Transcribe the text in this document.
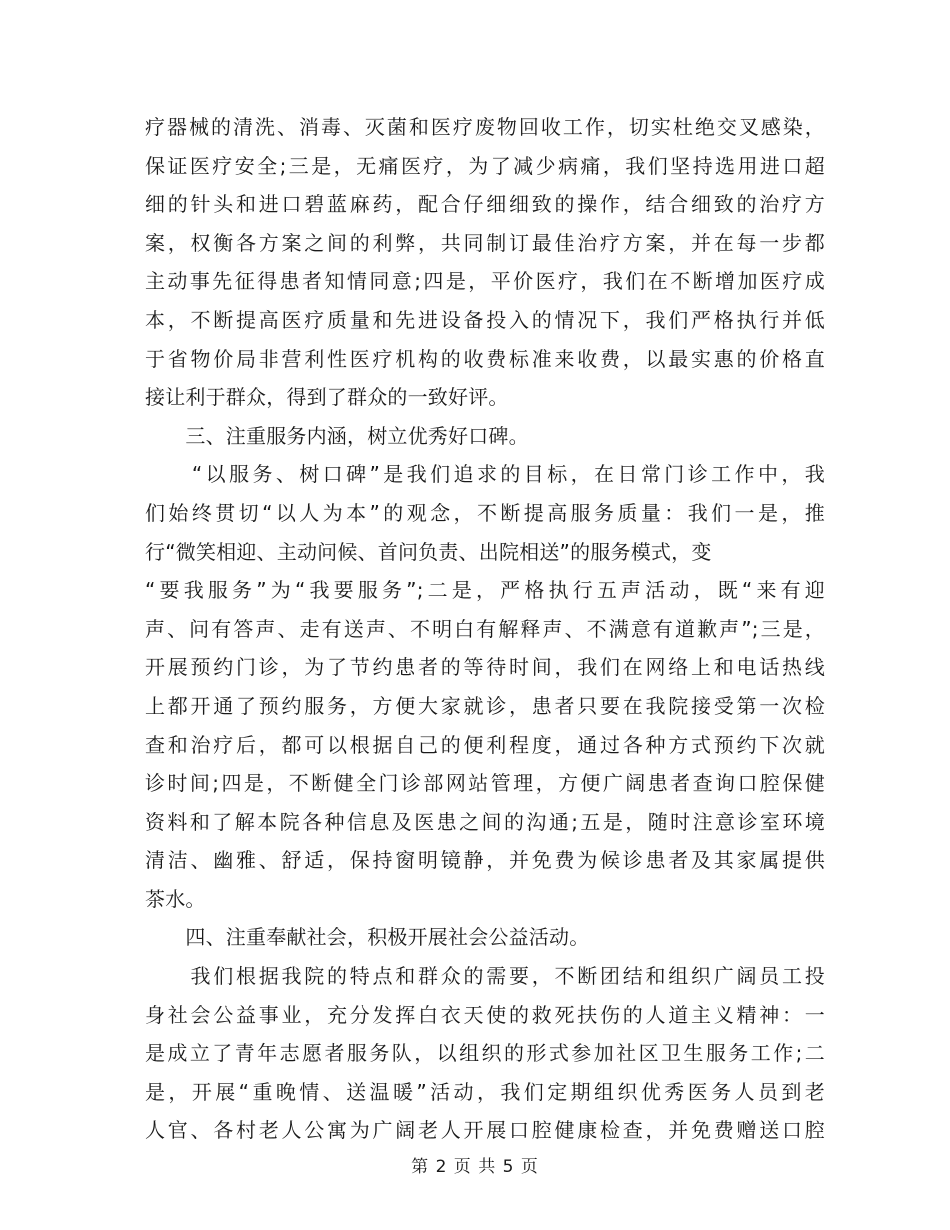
疗器械的清洗、消毒、灭菌和医疗废物回收工作，切实杜绝交叉感染，
保证医疗安全;三是，无痛医疗，为了减少病痛，我们坚持选用进口超
细的针头和进口碧蓝麻药，配合仔细细致的操作，结合细致的治疗方
案，权衡各方案之间的利弊，共同制订最佳治疗方案，并在每一步都
主动事先征得患者知情同意;四是，平价医疗，我们在不断增加医疗成
本，不断提高医疗质量和先进设备投入的情况下，我们严格执行并低
于省物价局非营利性医疗机构的收费标准来收费，以最实惠的价格直
接让利于群众，得到了群众的一致好评。
　　三、注重服务内涵，树立优秀好口碑。
　　“以服务、树口碑”是我们追求的目标，在日常门诊工作中，我
们始终贯切“以人为本”的观念，不断提高服务质量：我们一是，推
行“微笑相迎、主动问候、首问负责、出院相送”的服务模式，变
“要我服务”为“我要服务”;二是，严格执行五声活动，既“来有迎
声、问有答声、走有送声、不明白有解释声、不满意有道歉声”;三是，
开展预约门诊，为了节约患者的等待时间，我们在网络上和电话热线
上都开通了预约服务，方便大家就诊，患者只要在我院接受第一次检
查和治疗后，都可以根据自己的便利程度，通过各种方式预约下次就
诊时间;四是，不断健全门诊部网站管理，方便广阔患者查询口腔保健
资料和了解本院各种信息及医患之间的沟通;五是，随时注意诊室环境
清洁、幽雅、舒适，保持窗明镜静，并免费为候诊患者及其家属提供
茶水。
　　四、注重奉献社会，积极开展社会公益活动。
　　我们根据我院的特点和群众的需要，不断团结和组织广阔员工投
身社会公益事业，充分发挥白衣天使的救死扶伤的人道主义精神：一
是成立了青年志愿者服务队，以组织的形式参加社区卫生服务工作;二
是，开展“重晚情、送温暖”活动，我们定期组织优秀医务人员到老
人官、各村老人公寓为广阔老人开展口腔健康检查，并免费赠送口腔
第 2 页 共 5 页
